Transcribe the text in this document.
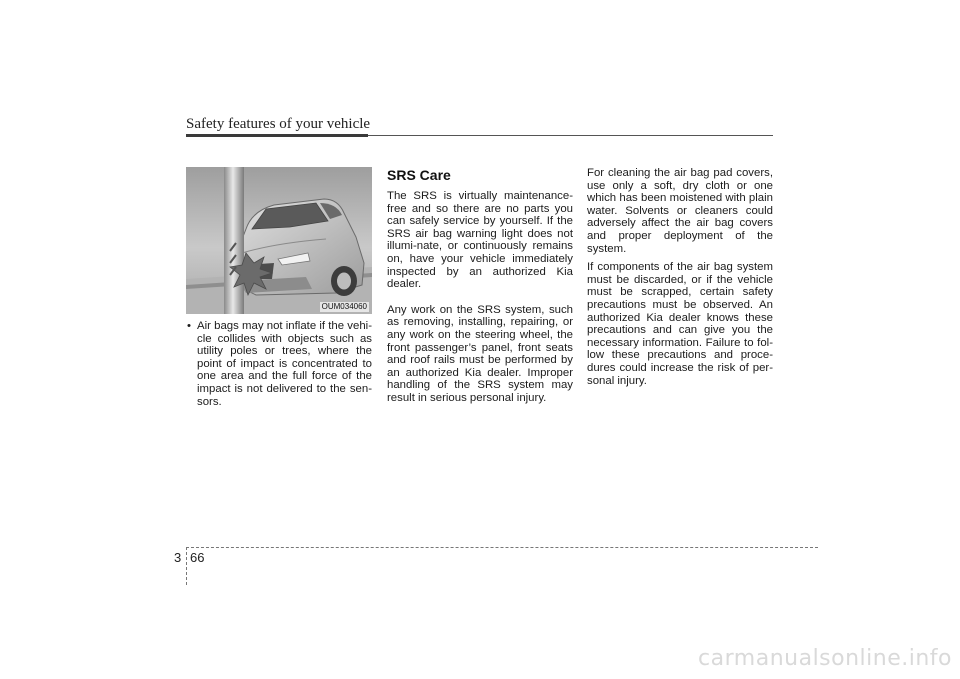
Safety features of your vehicle
OUM034060
• Air bags may not inflate if the vehi-cle collides with objects such as utility poles or trees, where the point of impact is concentrated to one area and the full force of the impact is not delivered to the sen-sors.

SRS Care

The SRS is virtually maintenance-free and so there are no parts you can safely service by yourself. If the SRS air bag warning light does not illumi-nate, or continuously remains on, have your vehicle immediately inspected by an authorized Kia dealer.

Any work on the SRS system, such as removing, installing, repairing, or any work on the steering wheel, the front passenger’s panel, front seats and roof rails must be performed by an authorized Kia dealer. Improper handling of the SRS system may result in serious personal injury.

For cleaning the air bag pad covers, use only a soft, dry cloth or one which has been moistened with plain water. Solvents or cleaners could adversely affect the air bag covers and proper deployment of the system.

If components of the air bag system must be discarded, or if the vehicle must be scrapped, certain safety precautions must be observed. An authorized Kia dealer knows these precautions and can give you the necessary information. Failure to fol-low these precautions and proce-dures could increase the risk of per-sonal injury.

3 66
carmanualsonline.info
